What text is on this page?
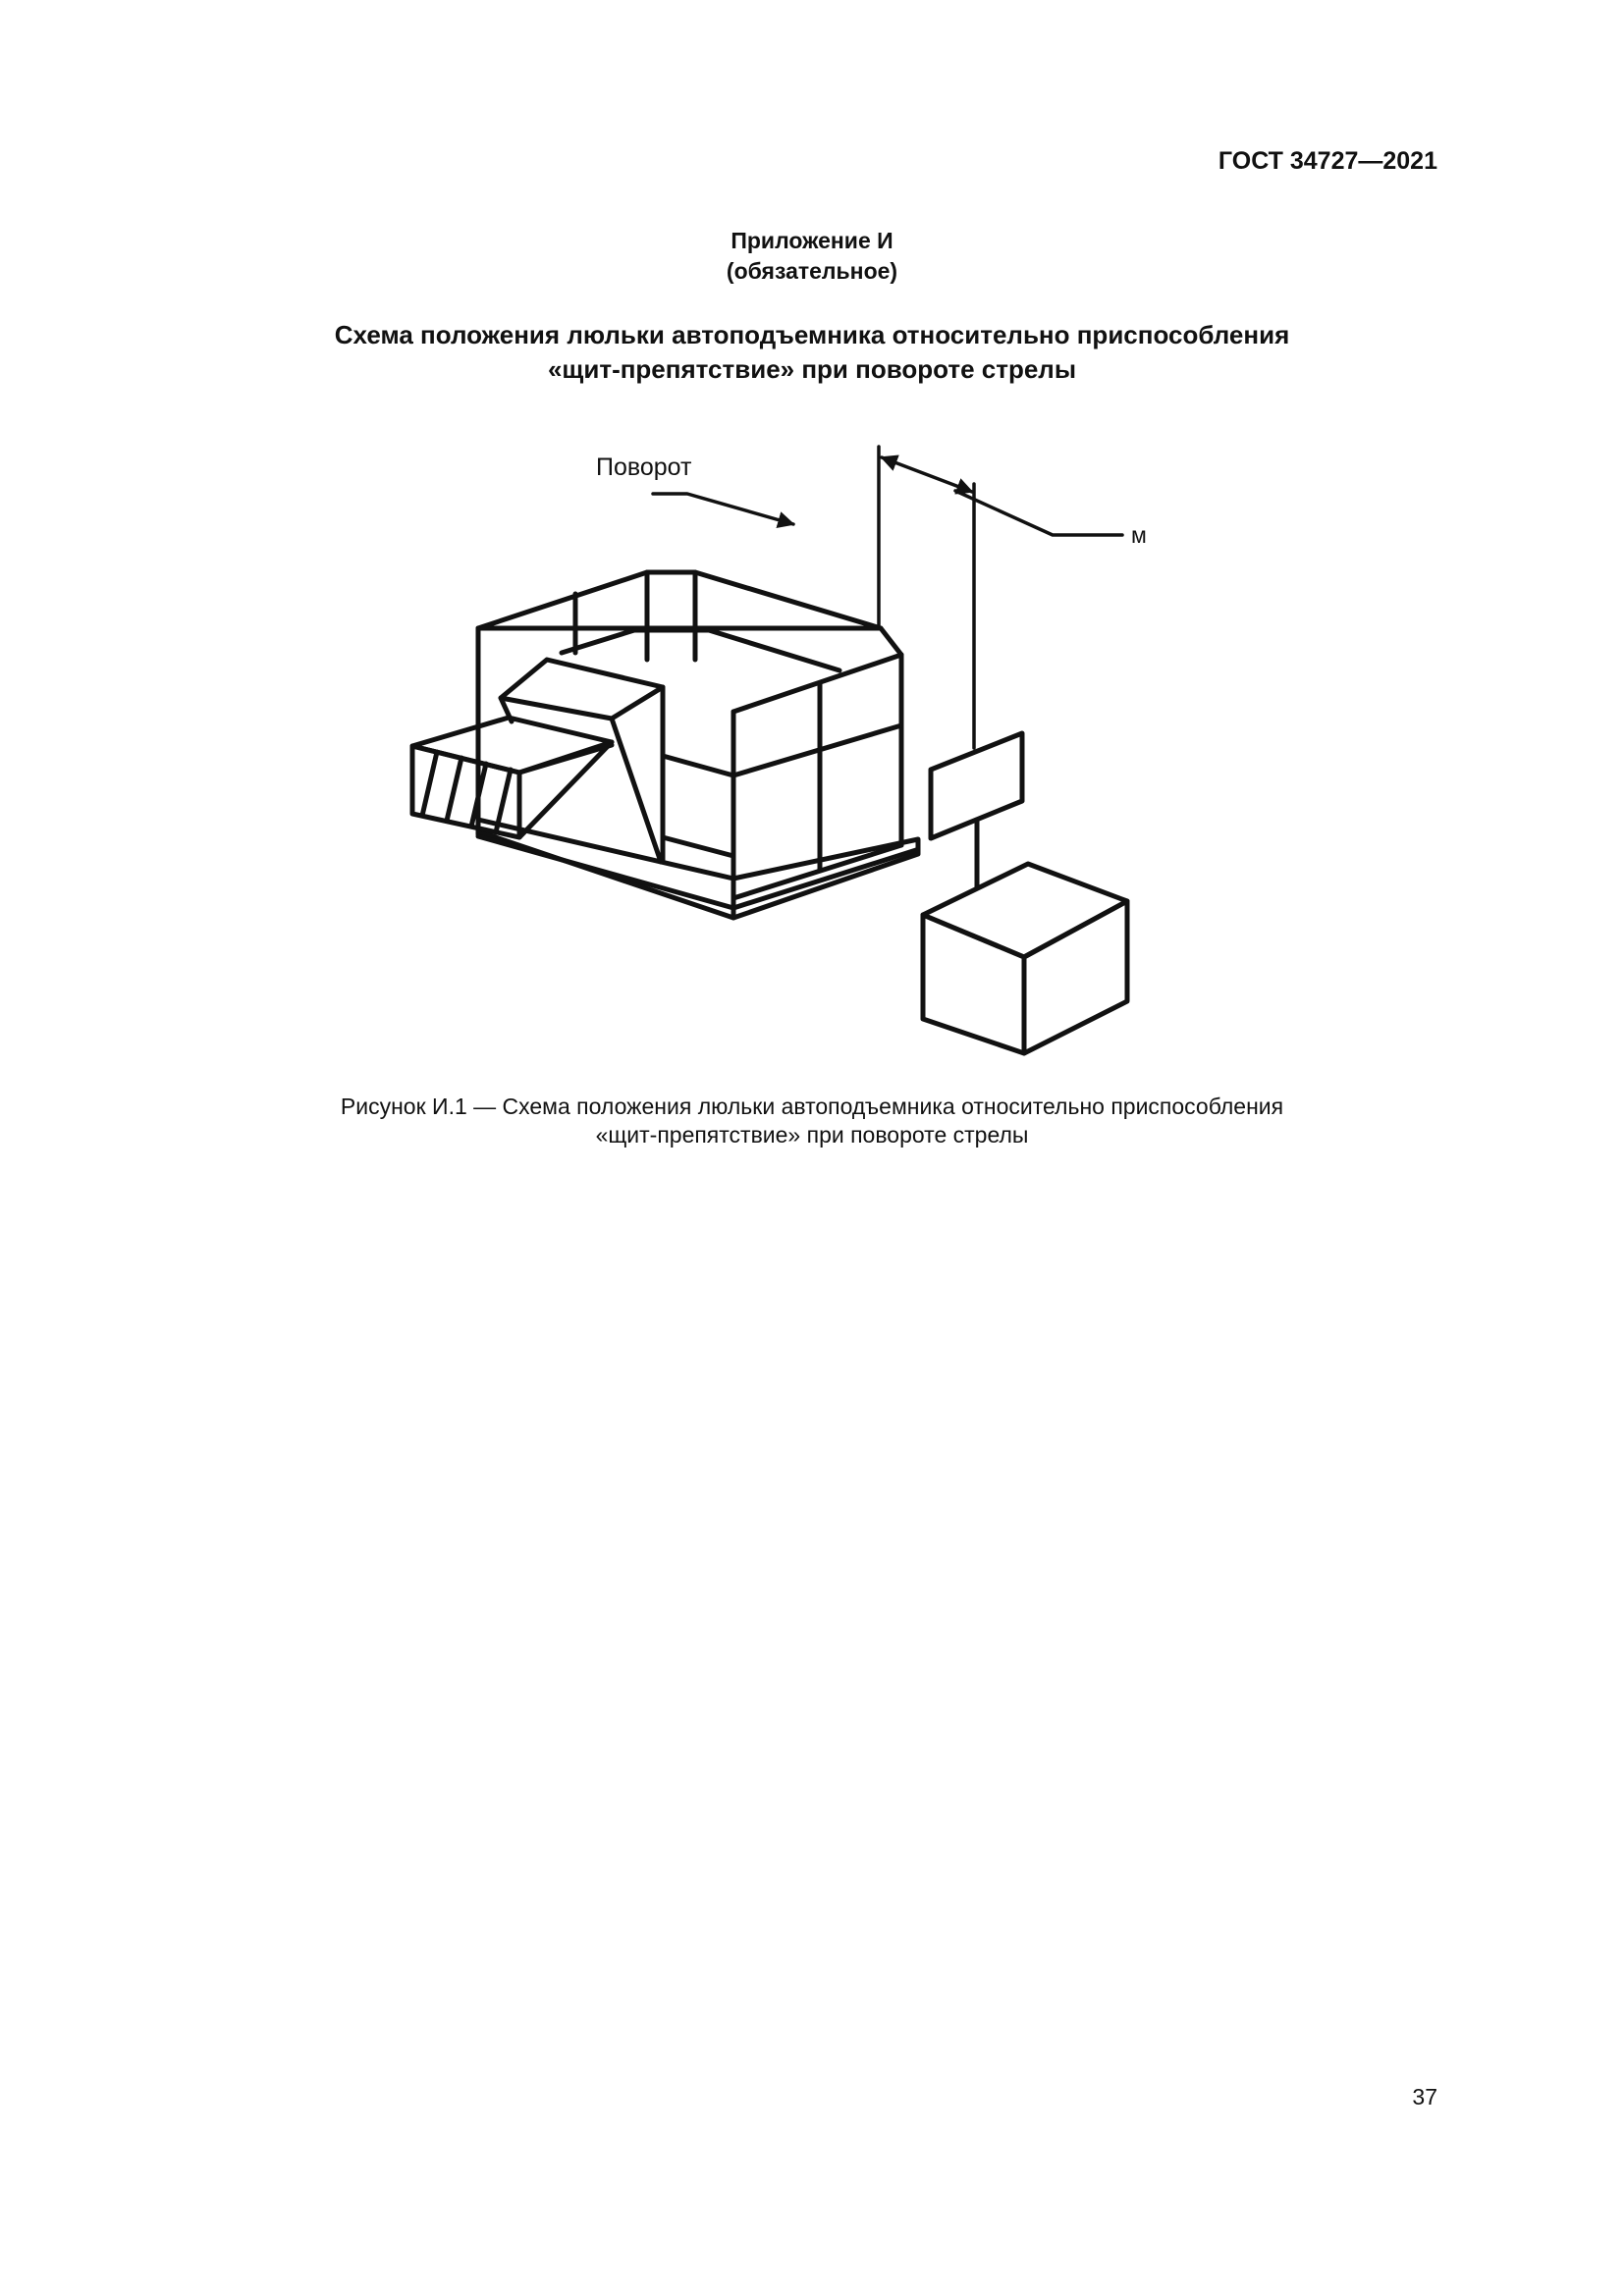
ГОСТ 34727—2021
Приложение И
(обязательное)
Схема положения люльки автоподъемника относительно приспособления
«щит-препятствие» при повороте стрелы
Поворот
м
Рисунок И.1 — Схема положения люльки автоподъемника относительно приспособления
«щит-препятствие» при повороте стрелы
37
